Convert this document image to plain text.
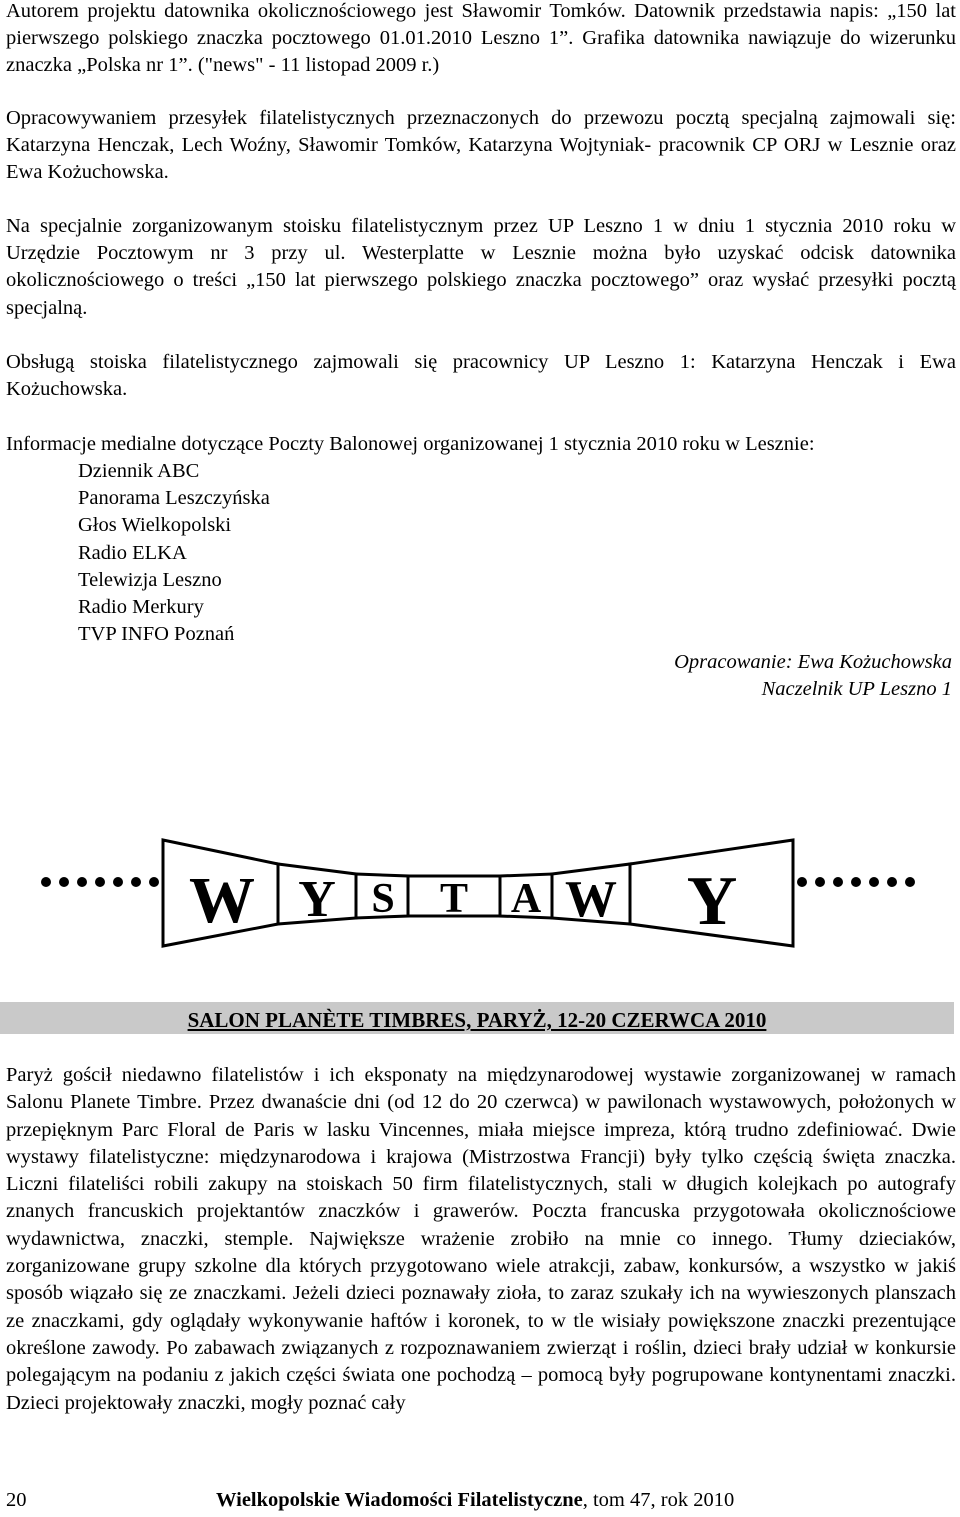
Autorem projektu datownika okolicznościowego jest Sławomir Tomków. Datownik przedstawia napis: „150 lat pierwszego polskiego znaczka pocztowego 01.01.2010 Leszno 1”. Grafika datownika nawiązuje do wizerunku znaczka „Polska nr 1”. ("news" - 11 listopad 2009 r.)

Opracowywaniem przesyłek filatelistycznych przeznaczonych do przewozu pocztą specjalną zajmowali się: Katarzyna Henczak, Lech Woźny, Sławomir Tomków, Katarzyna Wojtyniak- pracownik CP ORJ w Lesznie oraz Ewa Kożuchowska.

Na specjalnie zorganizowanym stoisku filatelistycznym przez UP Leszno 1 w dniu 1 stycznia 2010 roku w Urzędzie Pocztowym nr 3 przy ul. Westerplatte w Lesznie można było uzyskać odcisk datownika okolicznościowego o treści „150 lat pierwszego polskiego znaczka pocztowego” oraz wysłać przesyłki pocztą specjalną.

Obsługą stoiska filatelistycznego zajmowali się pracownicy UP Leszno 1: Katarzyna Henczak i Ewa Kożuchowska.

Informacje medialne dotyczące Poczty Balonowej organizowanej 1 stycznia 2010 roku w Lesznie:

Dziennik ABC
Panorama Leszczyńska
Głos Wielkopolski
Radio ELKA
Telewizja Leszno
Radio Merkury
TVP INFO Poznań
Opracowanie: Ewa Kożuchowska
Naczelnik UP Leszno 1
W Y S T A W Y
SALON PLANÈTE TIMBRES, PARYŻ, 12-20 CZERWCA 2010

Paryż gościł niedawno filatelistów i ich eksponaty na międzynarodowej wystawie zorganizowanej w ramach Salonu Planete Timbre. Przez dwanaście dni (od 12 do 20 czerwca) w pawilonach wystawowych, położonych w przepięknym Parc Floral de Paris w lasku Vincennes, miała miejsce impreza, którą trudno zdefiniować. Dwie wystawy filatelistyczne: międzynarodowa i krajowa (Mistrzostwa Francji) były tylko częścią święta znaczka. Liczni filateliści robili zakupy na stoiskach 50 firm filatelistycznych, stali w długich kolejkach po autografy znanych francuskich projektantów znaczków i grawerów. Poczta francuska przygotowała okolicznościowe wydawnictwa, znaczki, stemple. Największe wrażenie zrobiło na mnie co innego. Tłumy dzieciaków, zorganizowane grupy szkolne dla których przygotowano wiele atrakcji, zabaw, konkursów, a wszystko w jakiś sposób wiązało się ze znaczkami. Jeżeli dzieci poznawały zioła, to zaraz szukały ich na wywieszonych planszach ze znaczkami, gdy oglądały wykonywanie haftów i koronek, to w tle wisiały powiększone znaczki prezentujące określone zawody. Po zabawach związanych z rozpoznawaniem zwierząt i roślin, dzieci brały udział w konkursie polegającym na podaniu z jakich części świata one pochodzą – pomocą były pogrupowane kontynentami znaczki. Dzieci projektowały znaczki, mogły poznać cały

20	Wielkopolskie Wiadomości Filatelistyczne, tom 47, rok 2010
